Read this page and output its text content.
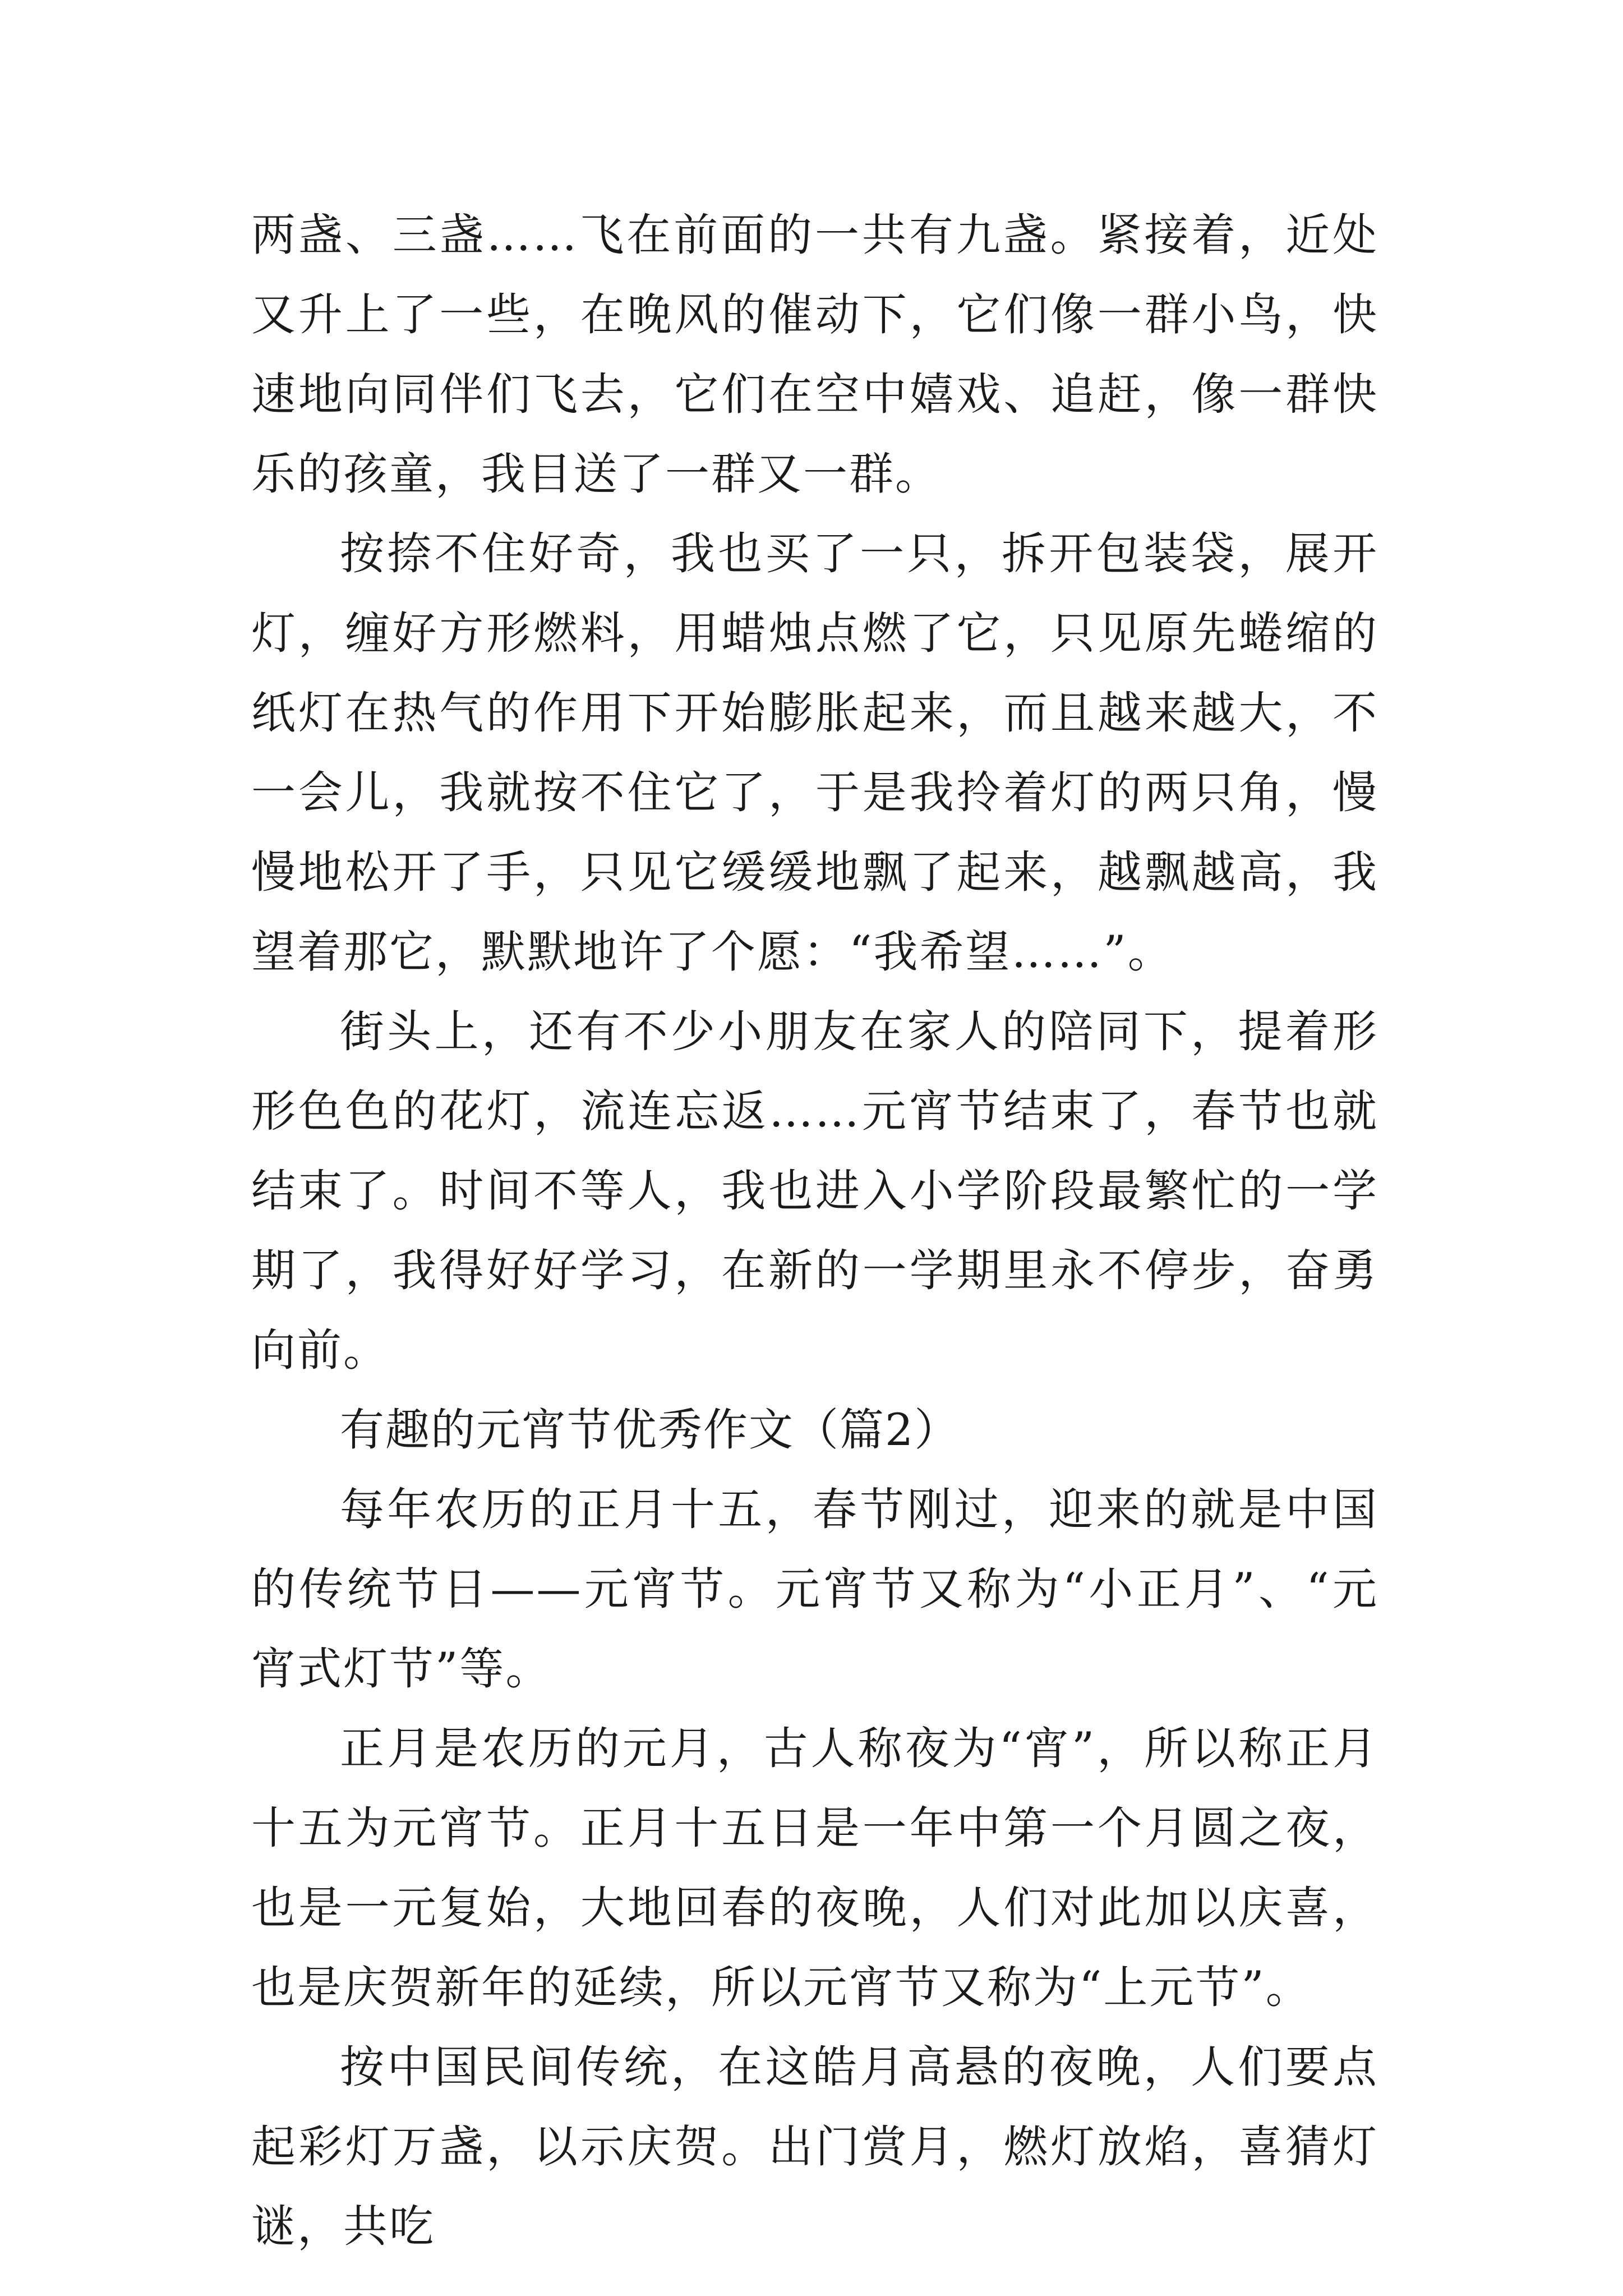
两盏、三盏……飞在前面的一共有九盏。紧接着，近处又升上了一些，在晚风的催动下，它们像一群小鸟，快速地向同伴们飞去，它们在空中嬉戏、追赶，像一群快乐的孩童，我目送了一群又一群。

按捺不住好奇，我也买了一只，拆开包装袋，展开灯，缠好方形燃料，用蜡烛点燃了它，只见原先蜷缩的纸灯在热气的作用下开始膨胀起来，而且越来越大，不一会儿，我就按不住它了，于是我拎着灯的两只角，慢慢地松开了手，只见它缓缓地飘了起来，越飘越高，我望着那它，默默地许了个愿：“我希望……”。

街头上，还有不少小朋友在家人的陪同下，提着形形色色的花灯，流连忘返……元宵节结束了，春节也就结束了。时间不等人，我也进入小学阶段最繁忙的一学期了，我得好好学习，在新的一学期里永不停步，奋勇向前。

有趣的元宵节优秀作文（篇2）

每年农历的正月十五，春节刚过，迎来的就是中国的传统节日——元宵节。元宵节又称为“小正月”、“元宵式灯节”等。

正月是农历的元月，古人称夜为“宵”，所以称正月十五为元宵节。正月十五日是一年中第一个月圆之夜，也是一元复始，大地回春的夜晚，人们对此加以庆喜，也是庆贺新年的延续，所以元宵节又称为“上元节”。

按中国民间传统，在这皓月高悬的夜晚，人们要点起彩灯万盏，以示庆贺。出门赏月，燃灯放焰，喜猜灯谜，共吃
